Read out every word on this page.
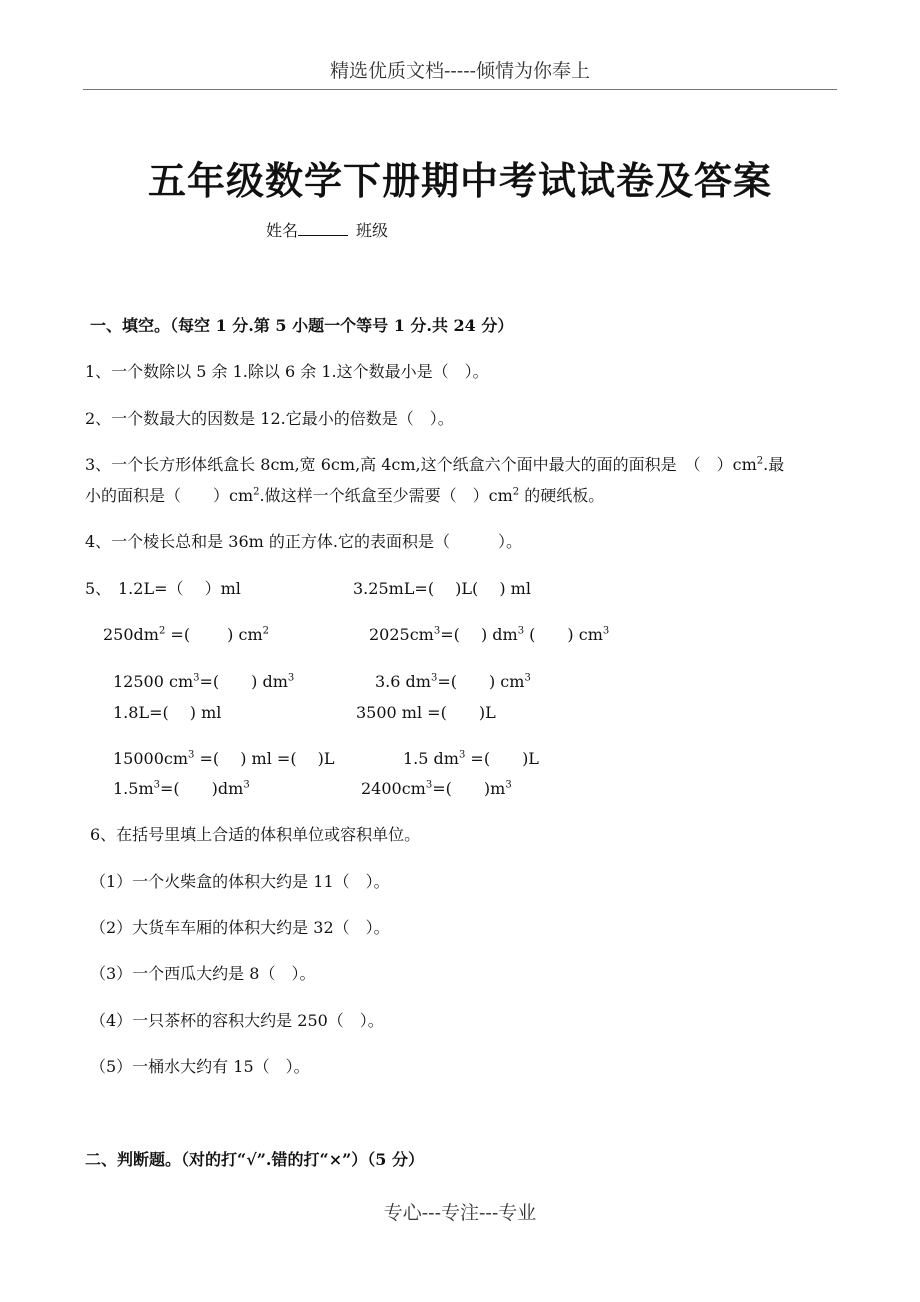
精选优质文档-----倾情为你奉上
五年级数学下册期中考试试卷及答案
姓名	班级
一、填空。（每空 1 分.第 5 小题一个等号 1 分.共 24 分）
1、一个数除以 5 余 1.除以 6 余 1.这个数最小是（　）。
2、一个数最大的因数是 12.它最小的倍数是（　）。
3、一个长方形体纸盒长 8cm,宽 6cm,高 4cm,这个纸盒六个面中最大的面的面积是　（　）$cm^2$.最
小的面积是（　　）$cm^2$.做这样一个纸盒至少需要（　）$cm^2$ 的硬纸板。
4、一个棱长总和是 36m 的正方体.它的表面积是（　　　）。
5、 1.2L=（　 ）ml	3.25mL=(　 )L(　 ) ml
$250dm^2$ =(　　 ) $cm^2$	$2025cm^3=$(　 ) $dm^3$ (　　) $cm^3$
12500 $cm^3=$(　　) $dm^3$	3.6 $dm^3=$(　　) $cm^3$
1.8L=(　 ) ml	3500 ml =(　　)L
$15000cm^3$ =(　 ) ml =(　 )L	1.5 $dm^3$ =(　　)L
$1.5m^3=$(　　)$dm^3$	$2400cm^3=$(　　)$m^3$
6、在括号里填上合适的体积单位或容积单位。
（1）一个火柴盒的体积大约是 11（　）。
（2）大货车车厢的体积大约是 32（　）。
（3）一个西瓜大约是 8（　）。
（4）一只茶杯的容积大约是 250（　）。
（5）一桶水大约有 15（　）。
二、判断题。（对的打“√”.错的打“×”）（5 分）
专心---专注---专业
